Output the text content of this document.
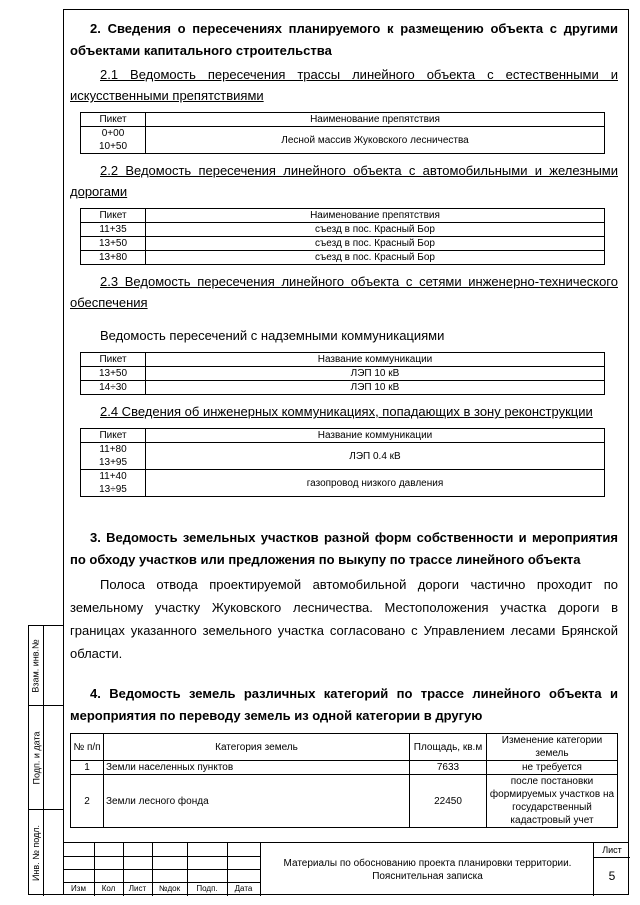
Взам. инв.№
Подп. и дата
Инв. № подл.

2. Сведения о пересечениях планируемого к размещению объекта с другими объектами капитального строительства

2.1 Ведомость пересечения трассы линейного объекта с естественными и искусственными препятствиями

Пикет	Наименование препятствия

0+00
10+50	Лесной массив Жуковского лесничества

2.2 Ведомость пересечения линейного объекта с автомобильными и железными дорогами

Пикет	Наименование препятствия
11+35	съезд в пос. Красный Бор
13+50	съезд в пос. Красный Бор
13+80	съезд в пос. Красный Бор

2.3 Ведомость пересечения линейного объекта с сетями инженерно-технического обеспечения

Ведомость пересечений с надземными коммуникациями

Пикет	Название коммуникации
13+50	ЛЭП 10 кВ
14÷30	ЛЭП 10 кВ

2.4 Сведения об инженерных коммуникациях, попадающих в зону реконструкции

Пикет	Название коммуникации

11+80
13+95	ЛЭП 0.4 кВ

11+40
13÷95	газопровод низкого давления

3. Ведомость земельных участков разной форм собственности и мероприятия по обходу участков или предложения по выкупу по трассе линейного объекта

Полоса отвода проектируемой автомобильной дороги частично проходит по земельному участку Жуковского лесничества. Местоположения участка дороги в границах указанного земельного участка согласовано с Управлением лесами Брянской области.

4. Ведомость земель различных категорий по трассе линейного объекта и мероприятия по переводу земель из одной категории в другую

№ п/п	Категория земель	Площадь, кв.м	Изменение категории земель
1	Земли населенных пунктов	7633	не требуется
2	Земли лесного фонда	22450	после постановки формируемых участков на государственный кадастровый учет
Изм	Кол	Лист	№док	Подп.	Дата
Материалы по обоснованию проекта планировки территории.
Пояснительная записка
Лист
5
